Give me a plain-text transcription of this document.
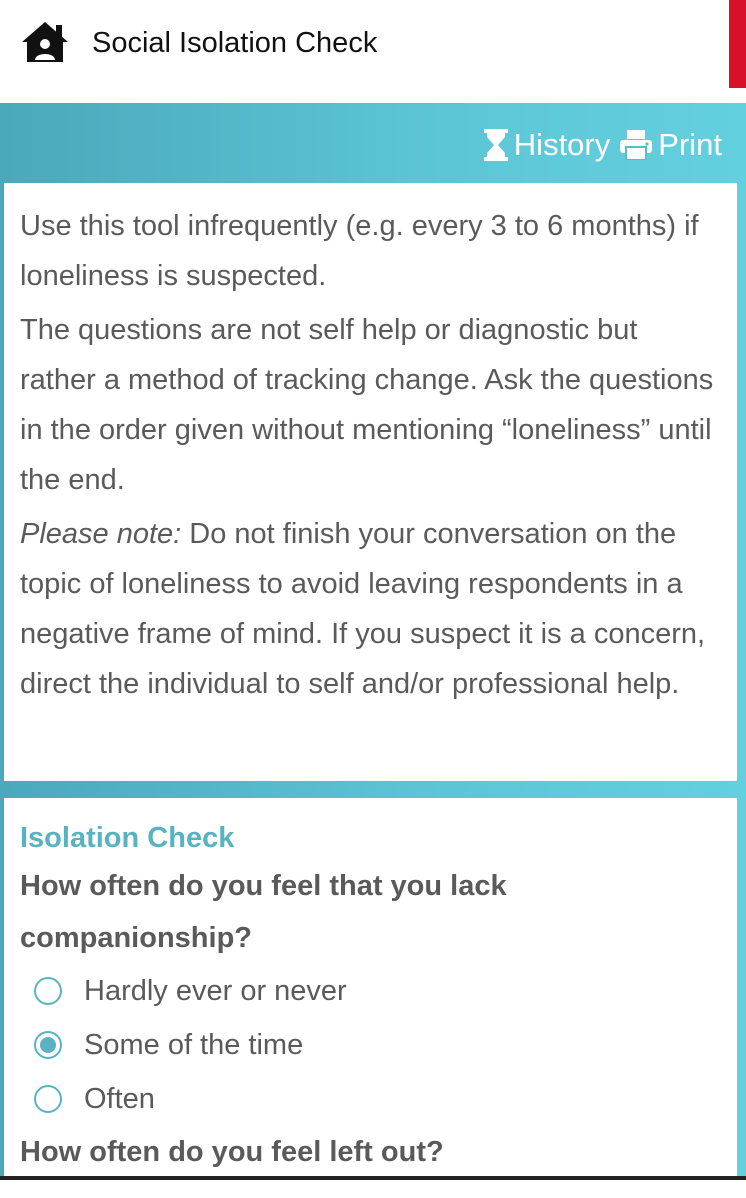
Social Isolation Check
History Print

Use this tool infrequently (e.g. every 3 to 6 months) if loneliness is suspected.

The questions are not self help or diagnostic but rather a method of tracking change. Ask the questions in the order given without mentioning “loneliness” until the end.

Please note: Do not finish your conversation on the topic of loneliness to avoid leaving respondents in a negative frame of mind. If you suspect it is a concern, direct the individual to self and/or professional help.

Isolation Check

How often do you feel that you lack companionship?

Hardly ever or never
Some of the time
Often

How often do you feel left out?
